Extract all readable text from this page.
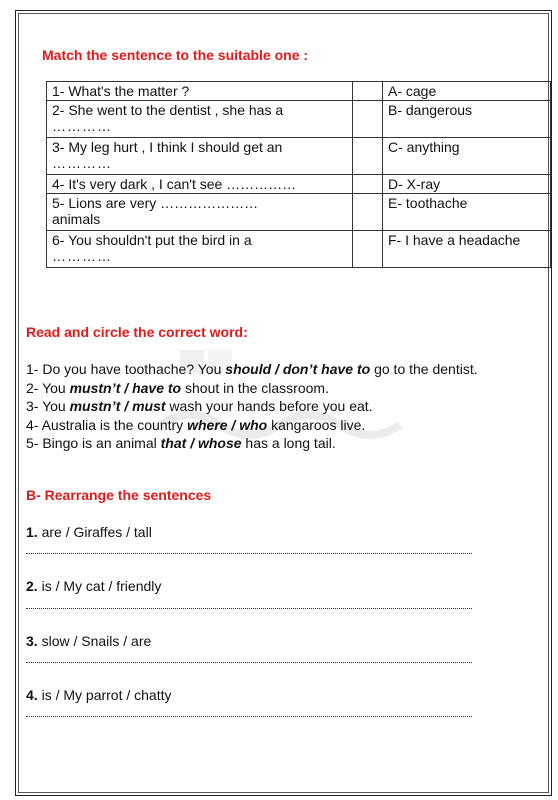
Match the sentence to the suitable one :
1- What's the matter ?		A- cage
2- She went to the dentist , she has a
…………		B- dangerous
3- My leg hurt , I think I should get an
…………		C- anything
4- It's very dark , I can't see ……………		D- X-ray
5- Lions are very …………………
animals		E- toothache
6- You shouldn't put the bird in a
…………		F- I have a headache
Read and circle the correct word:
1- Do you have toothache? You should / don’t have to go to the dentist.
2- You mustn’t / have to shout in the classroom.
3- You mustn’t / must wash your hands before you eat.
4- Australia is the country where / who kangaroos live.
5- Bingo is an animal that / whose has a long tail.
B- Rearrange the sentences
1. are / Giraffes / tall
2. is / My cat / friendly
3. slow / Snails / are
4. is / My parrot / chatty
